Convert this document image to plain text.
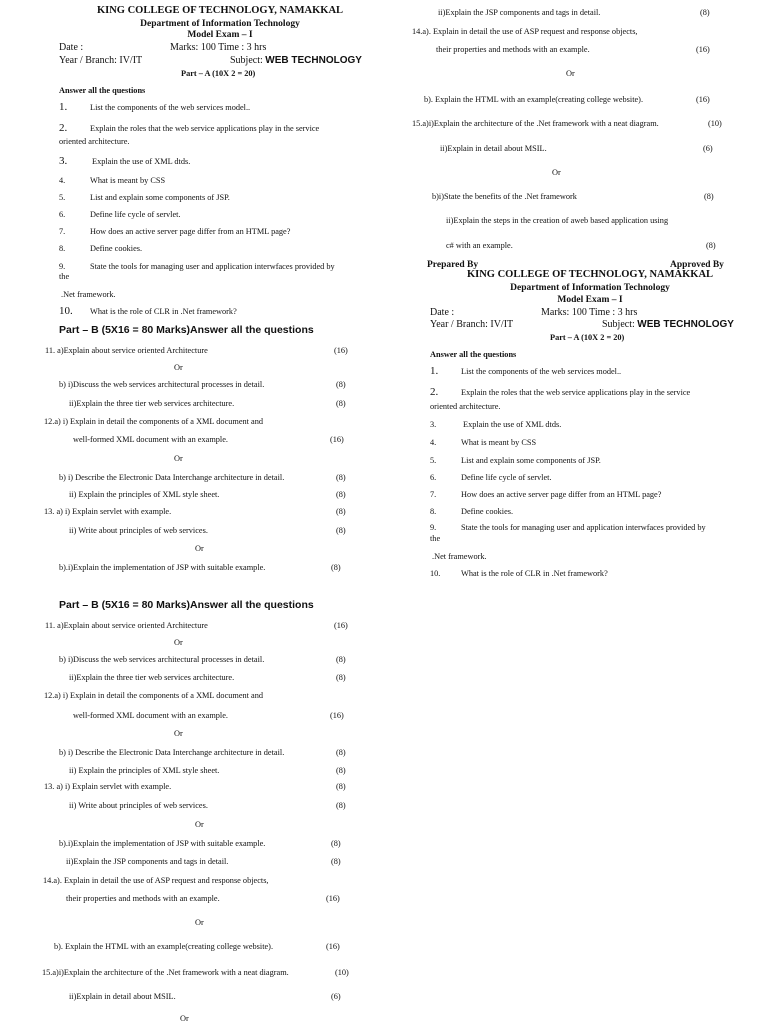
KING COLLEGE OF TECHNOLOGY, NAMAKKAL
Department of Information Technology
Model Exam – I
Date :	Marks: 100 Time : 3 hrs
Year / Branch: IV/IT	Subject: WEB TECHNOLOGY
Part – A (10X 2 = 20)
Answer all the questions
1.	List the components of the web services model..
2.	Explain the roles that the web service applications play in the service
oriented architecture.
3.	Explain the use of XML dtds.
4.	What is meant by CSS
5.	List and explain some components of JSP.
6.	Define life cycle of servlet.
7.	How does an active server page differ from an HTML page?
8.	Define cookies.
9.	State the tools for managing user and application interwfaces provided by
the
.Net framework.
10. What is the role of CLR in .Net framework?
Part – B (5X16 = 80 Marks)Answer all the questions
11. a)Explain about service oriented Architecture	(16)
Or
b) i)Discuss the web services architectural processes in detail.	(8)
ii)Explain the three tier web services architecture.	(8)
12.a) i) Explain in detail the components of a XML document and
well-formed XML document with an example.	(16)
Or
b) i) Describe the Electronic Data Interchange architecture in detail.	(8)
ii) Explain the principles of XML style sheet.	(8)
13. a) i) Explain servlet with example.	(8)
ii) Write about principles of web services.	(8)
Or
b).i)Explain the implementation of JSP with suitable example.	(8)
Part – B (5X16 = 80 Marks)Answer all the questions
11. a)Explain about service oriented Architecture	(16)
Or
b) i)Discuss the web services architectural processes in detail.	(8)
ii)Explain the three tier web services architecture.	(8)
12.a) i) Explain in detail the components of a XML document and
well-formed XML document with an example.	(16)
Or
b) i) Describe the Electronic Data Interchange architecture in detail.	(8)
ii) Explain the principles of XML style sheet.	(8)
13. a) i) Explain servlet with example.	(8)
ii) Write about principles of web services.	(8)
Or
b).i)Explain the implementation of JSP with suitable example.	(8)
ii)Explain the JSP components and tags in detail.	(8)
14.a). Explain in detail the use of ASP request and response objects,
their properties and methods with an example.	(16)
Or
b). Explain the HTML with an example(creating college website).	(16)
15.a)i)Explain the architecture of the .Net framework with a neat diagram.	(10)
ii)Explain in detail about MSIL.	(6)
Or
ii)Explain the JSP components and tags in detail.	(8)
14.a). Explain in detail the use of ASP request and response objects,
their properties and methods with an example.	(16)
Or
b). Explain the HTML with an example(creating college website).	(16)
15.a)i)Explain the architecture of the .Net framework with a neat diagram.	(10)
ii)Explain in detail about MSIL.	(6)
Or
b)i)State the benefits of the .Net framework	(8)
ii)Explain the steps in the creation of aweb based application using
c# with an example.	(8)
Prepared By	Approved By
KING COLLEGE OF TECHNOLOGY, NAMAKKAL
Department of Information Technology
Model Exam – I
Date :	Marks: 100 Time : 3 hrs
Year / Branch: IV/IT	Subject: WEB TECHNOLOGY
Part – A (10X 2 = 20)
Answer all the questions
1.	List the components of the web services model..
2.	Explain the roles that the web service applications play in the service
oriented architecture.
3.	Explain the use of XML dtds.
4.	What is meant by CSS
5.	List and explain some components of JSP.
6.	Define life cycle of servlet.
7.	How does an active server page differ from an HTML page?
8.	Define cookies.
9.	State the tools for managing user and application interwfaces provided by
the
.Net framework.
10. What is the role of CLR in .Net framework?
